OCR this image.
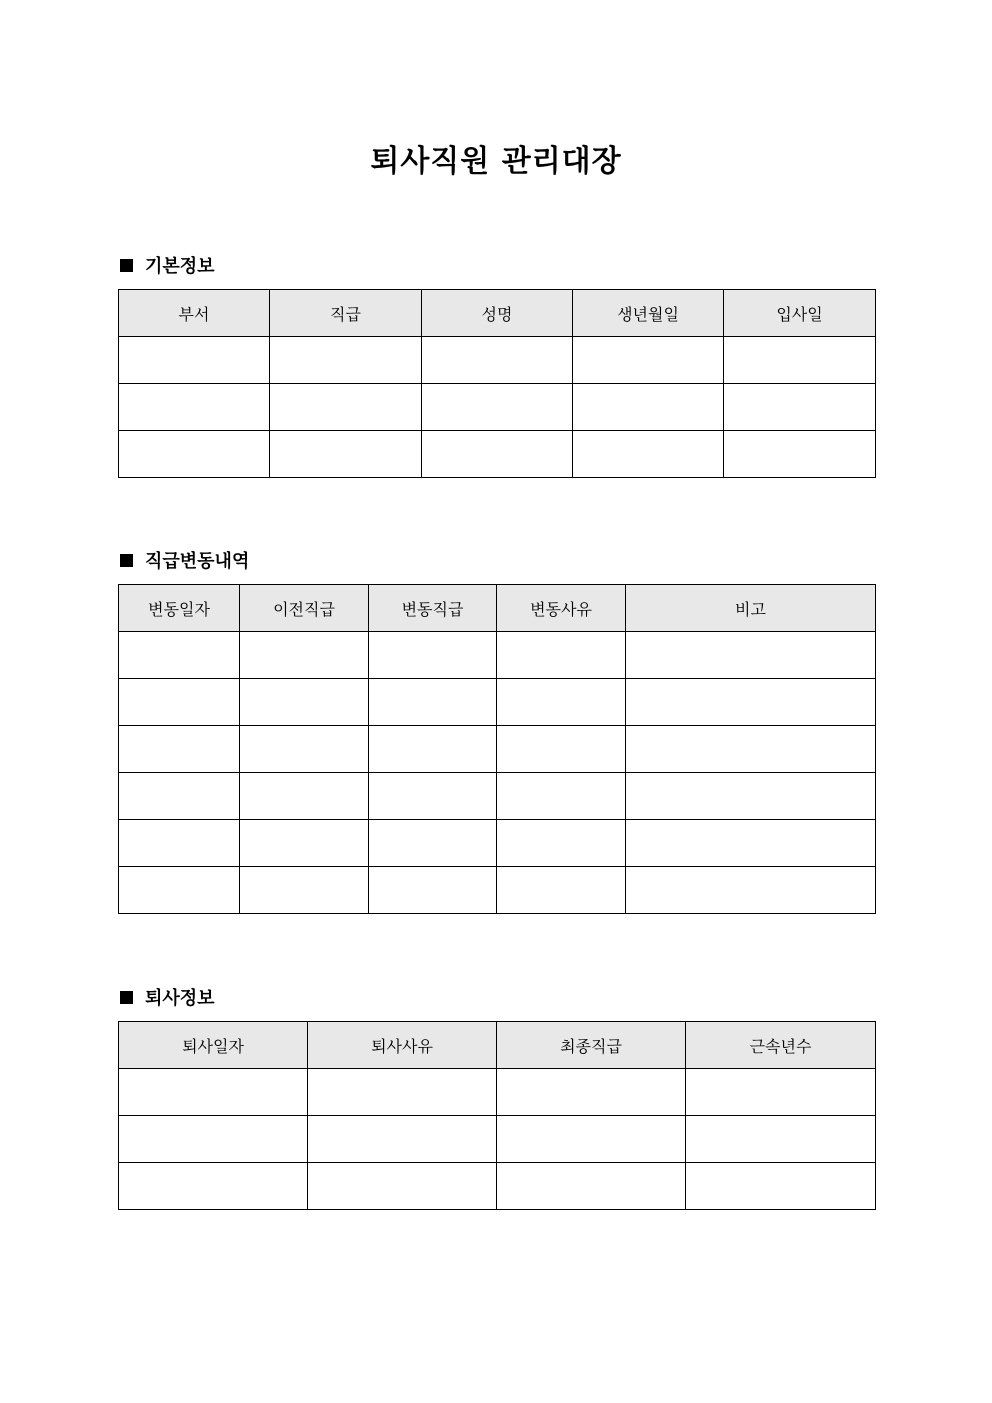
퇴사직원 관리대장
기본정보
부서	직급	성명	생년월일	입사일

직급변동내역
변동일자	이전직급	변동직급	변동사유	비고

퇴사정보
퇴사일자	퇴사사유	최종직급	근속년수
